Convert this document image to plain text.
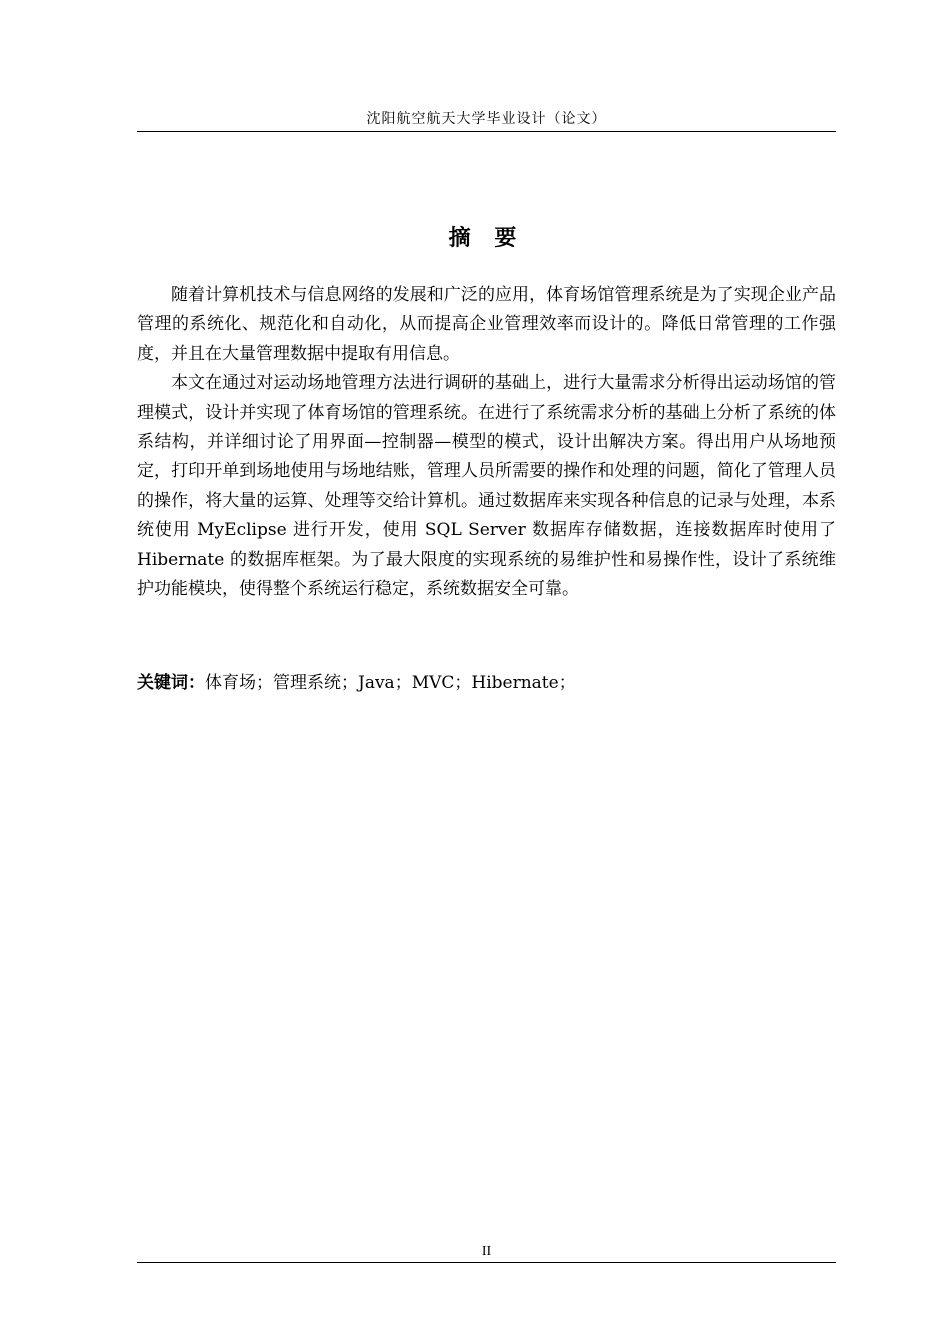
沈阳航空航天大学毕业设计（论文）
摘 要

随着计算机技术与信息网络的发展和广泛的应用，体育场馆管理系统是为了实现企业产品管理的系统化、规范化和自动化，从而提高企业管理效率而设计的。降低日常管理的工作强度，并且在大量管理数据中提取有用信息。

本文在通过对运动场地管理方法进行调研的基础上，进行大量需求分析得出运动场馆的管理模式，设计并实现了体育场馆的管理系统。在进行了系统需求分析的基础上分析了系统的体系结构，并详细讨论了用界面—控制器—模型的模式，设计出解决方案。得出用户从场地预定，打印开单到场地使用与场地结账，管理人员所需要的操作和处理的问题，简化了管理人员的操作，将大量的运算、处理等交给计算机。通过数据库来实现各种信息的记录与处理，本系统使用 MyEclipse 进行开发，使用 SQL Server 数据库存储数据，连接数据库时使用了 Hibernate 的数据库框架。为了最大限度的实现系统的易维护性和易操作性，设计了系统维护功能模块，使得整个系统运行稳定，系统数据安全可靠。

关键词：体育场；管理系统；Java；MVC；Hibernate；
II
